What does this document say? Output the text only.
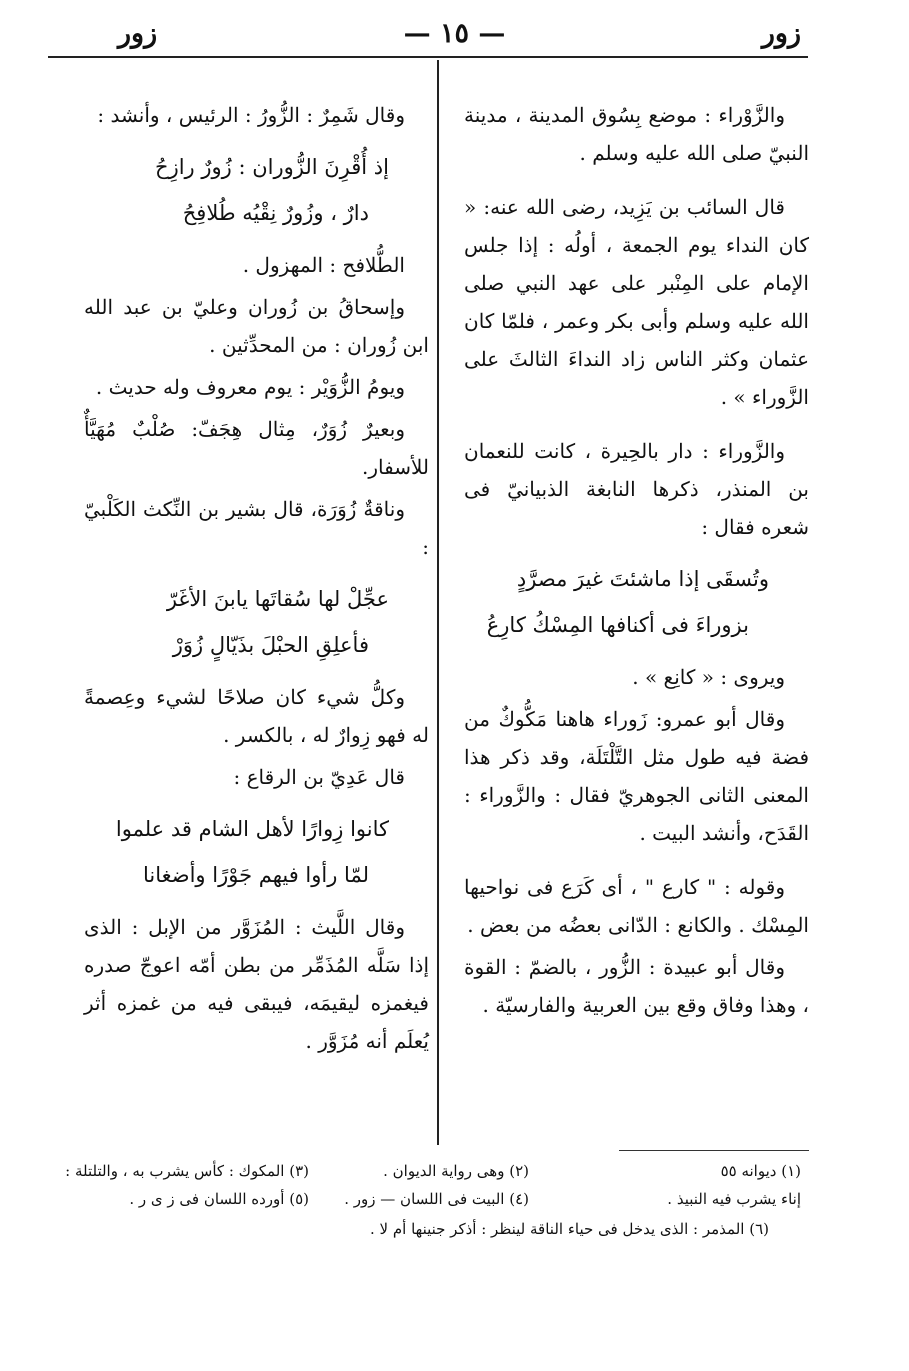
زور
— ١٥ —
زور

والزَّوْراء : موضع بِسُوق المدينة ، مدينة النبيّ صلى الله عليه وسلم .

قال السائب بن يَزِيد، رضى الله عنه: « كان النداء يوم الجمعة ، أولُه : إذا جلس الإمام على المِنْبر على عهد النبي صلى الله عليه وسلم وأبى بكر وعمر ، فلمّا كان عثمان وكثر الناس زاد النداءَ الثالثَ على الزَّوراء » .

والزَّوراء : دار بالحِيرة ، كانت للنعمان بن المنذر، ذكرها النابغة الذبيانيّ فى شعره فقال :

وتُسقَى إذا ماشئتَ غيرَ مصرَّدٍ

بزوراءَ فى أكنافها المِسْكُ كارِعُ

ويروى : « كانِع » .

وقال أبو عمرو: زَوراء هاهنا مَكُّوكٌ من فضة فيه طول مثل التَّلْتَلَة، وقد ذكر هذا المعنى الثانى الجوهريّ فقال : والزَّوراء : القَدَح، وأنشد البيت .

وقوله : " كارع " ، أى كَرَع فى نواحيها المِسْك . والكانع : الدّانى بعضُه من بعض .

وقال أبو عبيدة : الزُّور ، بالضمّ : القوة ، وهذا وفاق وقع بين العربية والفارسيّة .

وقال شَمِرٌ : الزُّورُ : الرئيس ، وأنشد :

إذ أُقْرِنَ الزُّوران : زُورٌ رازِحُ

دارٌ ، وزُورٌ نِقْيُه طُلافِحُ

الطُّلافح : المهزول .

وإسحاقُ بن زُوران وعليّ بن عبد الله ابن زُوران : من المحدِّثين .

ويومُ الزُّوَيْر : يوم معروف وله حديث .

وبعيرٌ زُوَرٌ، مِثال هِجَفّ: صُلْبٌ مُهَيَّأٌ للأسفار.

وناقةٌ زُوَرَة، قال بشير بن النِّكث الكَلْبيّ :

عجِّلْ لها سُقاتَها يابنَ الأغَرّ

فأعلِقِ الحبْلَ بذَيّالٍ زُوَرْ

وكلُّ شيء كان صلاحًا لشيء وعِصمةً له فهو زِوارٌ له ، بالكسر .

قال عَدِيّ بن الرقاع :

كانوا زِوارًا لأهل الشام قد علموا

لمّا رأوا فيهم جَوْرًا وأضغانا

وقال اللَّيث : المُزَوَّر من الإبل : الذى إذا سَلَّه المُذَمِّر من بطن أمّه اعوجّ صدره فيغمزه ليقيمَه، فيبقى فيه من غمزه أثر يُعلَم أنه مُزَوَّر .

(١) ديوانه ٥٥
(٢) وهى رواية الديوان .
(٣) المكوك : كأس يشرب به ، والتلتلة :
إناء يشرب فيه النبيذ .
(٤) البيت فى اللسان — زور .
(٥) أورده اللسان فى ز ى ر .
(٦) المذمر : الذى يدخل فى حياء الناقة لينظر : أذكر جنينها أم لا .
